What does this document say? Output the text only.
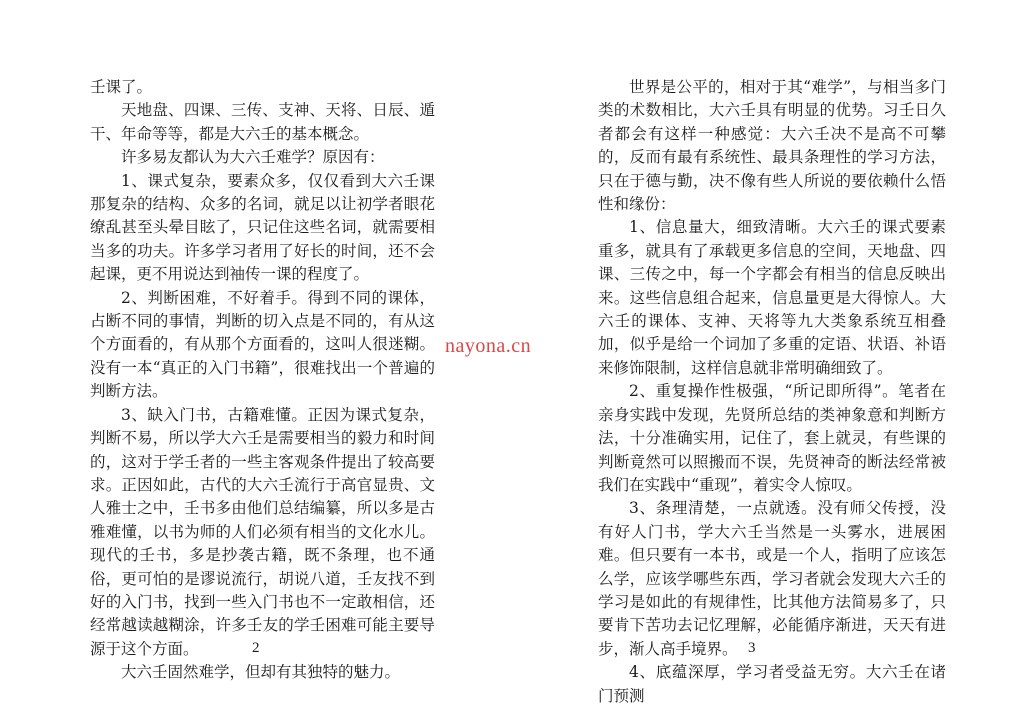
壬课了。

天地盘、四课、三传、支神、天将、日辰、遁干、年命等等，都是大六壬的基本概念。

许多易友都认为大六壬难学？原因有：

1、课式复杂，要素众多，仅仅看到大六壬课那复杂的结构、众多的名词，就足以让初学者眼花缭乱甚至头晕目眩了，只记住这些名词，就需要相当多的功夫。许多学习者用了好长的时间，还不会起课，更不用说达到袖传一课的程度了。

2、判断困难，不好着手。得到不同的课体，占断不同的事情，判断的切入点是不同的，有从这个方面看的，有从那个方面看的，这叫人很迷糊。没有一本“真正的入门书籍”，很难找出一个普遍的判断方法。

3、缺入门书，古籍难懂。正因为课式复杂，判断不易，所以学大六壬是需要相当的毅力和时间的，这对于学壬者的一些主客观条件提出了较高要求。正因如此，古代的大六壬流行于高官显贵、文人雅士之中，壬书多由他们总结编纂，所以多是古雅难懂，以书为师的人们必须有相当的文化水儿。现代的壬书，多是抄袭古籍，既不条理，也不通俗，更可怕的是谬说流行，胡说八道，壬友找不到好的入门书，找到一些入门书也不一定敢相信，还经常越读越糊涂，许多壬友的学壬困难可能主要导源于这个方面。

大六壬固然难学，但却有其独特的魅力。

2

世界是公平的，相对于其“难学”，与相当多门类的术数相比，大六壬具有明显的优势。习壬日久者都会有这样一种感觉：大六壬决不是高不可攀的，反而有最有系统性、最具条理性的学习方法，只在于德与勤，决不像有些人所说的要依赖什么悟性和缘份：

1、信息量大，细致清晰。大六壬的课式要素重多，就具有了承载更多信息的空间，天地盘、四课、三传之中，每一个字都会有相当的信息反映出来。这些信息组合起来，信息量更是大得惊人。大六壬的课体、支神、天将等九大类象系统互相叠加，似乎是给一个词加了多重的定语、状语、补语来修饰限制，这样信息就非常明确细致了。

2、重复操作性极强，“所记即所得”。笔者在亲身实践中发现，先贤所总结的类神象意和判断方法，十分准确实用，记住了，套上就灵，有些课的判断竟然可以照搬而不误，先贤神奇的断法经常被我们在实践中“重现”，着实令人惊叹。

3、条理清楚，一点就透。没有师父传授，没有好人门书，学大六壬当然是一头雾水，进展困难。但只要有一本书，或是一个人，指明了应该怎么学，应该学哪些东西，学习者就会发现大六壬的学习是如此的有规律性，比其他方法简易多了，只要肯下苦功去记忆理解，必能循序渐进，天天有进步，渐人高手境界。

4、底蕴深厚，学习者受益无穷。大六壬在诸门预测

3
nayona.cn
